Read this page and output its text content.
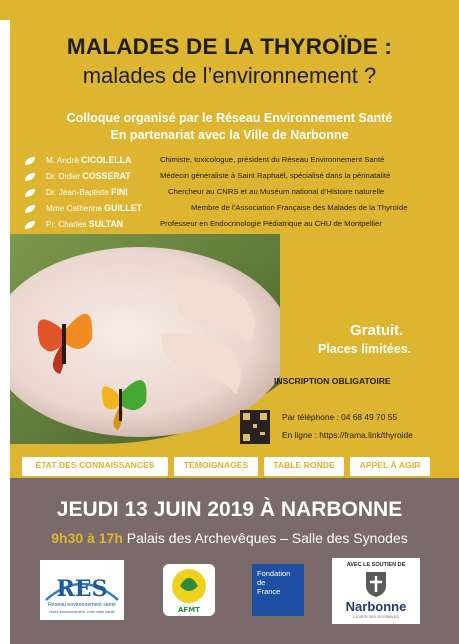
MALADES DE LA THYROÏDE :
malades de l’environnement ?
Colloque organisé par le Réseau Environnement Santé
En partenariat avec la Ville de Narbonne
M. André CICOLELLA	Chimiste, toxicologue, président du Réseau Environnement Santé
Dr. Didier COSSERAT	Médecin généraliste à Saint Raphaël, spécialisé dans la périnatalité
Dr. Jean-Baptiste FINI	Chercheur au CNRS et au Muséum national d’Histoire naturelle
Mme Catherine GUILLET	Membre de l’Association Française des Malades de la Thyroïde
Pr. Charles SULTAN	Professeur en Endocrinologie Pédiatrique au CHU de Montpellier
Gratuit.
Places limitées.
INSCRIPTION OBLIGATOIRE
Par téléphone : 04 68 49 70 55
En ligne : https://frama.link/thyroide
ÉTAT DES CONNAISSANCES	TÉMOIGNAGES	TABLE RONDE	APPEL À AGIR
JEUDI 13 JUIN 2019 À NARBONNE
9h30 à 17h Palais des Archevêques – Salle des Synodes
RES
Réseau environnement santé
Notre environnement, c'est notre santé	AFMT
Fondation
de
France
AVEC LE SOUTIEN DE
Narbonne
LA VIEN DES POSSIBLES
